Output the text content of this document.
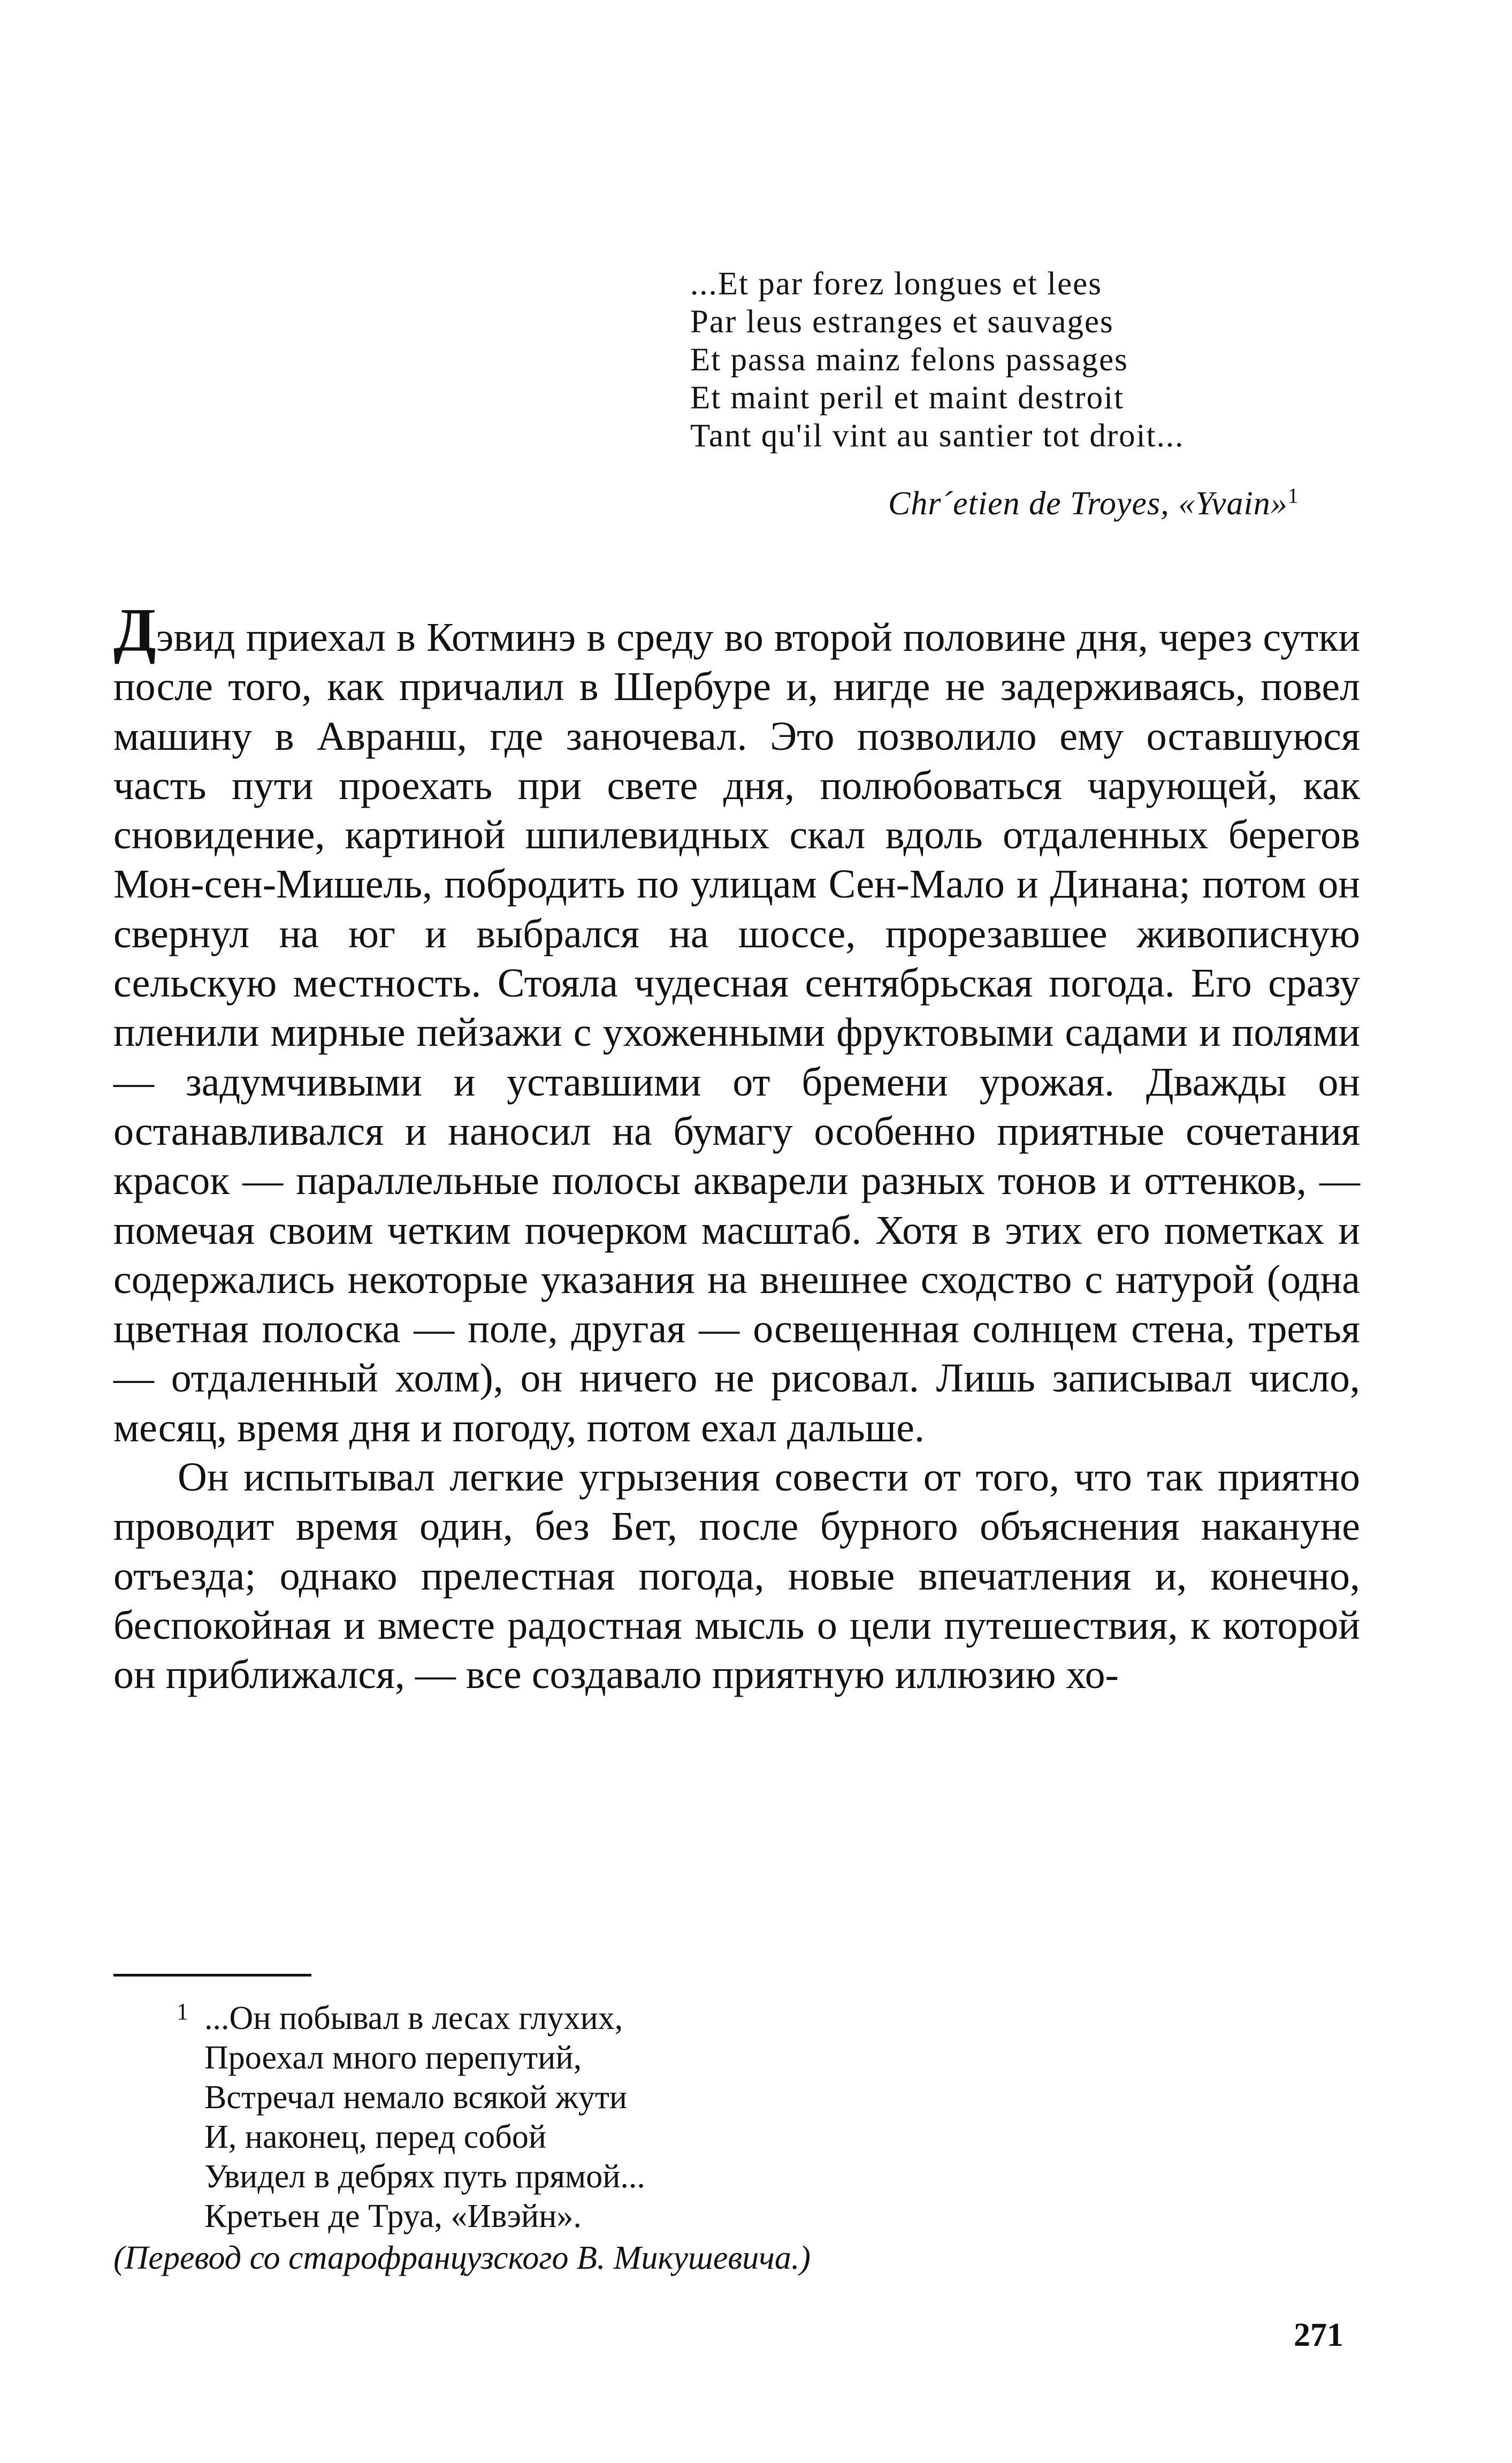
...Et par forez longues et lees
Par leus estranges et sauvages
Et passa mainz felons passages
Et maint peril et maint destroit
Tant qu'il vint au santier tot droit...
Chr´etien de Troyes, «Yvain»$^1$

Дэвид приехал в Котминэ в среду во второй половине дня, через сутки после того, как причалил в Шербуре и, нигде не задерживаясь, повел машину в Авранш, где заночевал. Это позволило ему оставшуюся часть пути проехать при свете дня, полюбоваться чарующей, как сновидение, картиной шпилевидных скал вдоль отдаленных берегов Мон-сен-Мишель, побродить по улицам Сен-Мало и Динана; потом он свернул на юг и выбрался на шоссе, прорезавшее живописную сельскую местность. Стояла чудесная сентябрьская погода. Его сразу пленили мирные пейзажи с ухоженными фруктовыми садами и полями — задумчивыми и уставшими от бремени урожая. Дважды он останавливался и наносил на бумагу особенно приятные сочетания красок — параллельные полосы акварели разных тонов и оттенков, — помечая своим четким почерком масштаб. Хотя в этих его пометках и содержались некоторые указания на внешнее сходство с натурой (одна цветная полоска — поле, другая — освещенная солнцем стена, третья — отдаленный холм), он ничего не рисовал. Лишь записывал число, месяц, время дня и погоду, потом ехал дальше.

Он испытывал легкие угрызения совести от того, что так приятно проводит время один, без Бет, после бурного объяснения накануне отъезда; однако прелестная погода, новые впечатления и, конечно, беспокойная и вместе радостная мысль о цели путешествия, к которой он приближался, — все создавало приятную иллюзию хо-

1 ...Он побывал в лесах глухих,
Проехал много перепутий,
Встречал немало всякой жути
И, наконец, перед собой
Увидел в дебрях путь прямой...
Кретьен де Труа, «Ивэйн».
(Перевод со старофранцузского В. Микушевича.)
271
